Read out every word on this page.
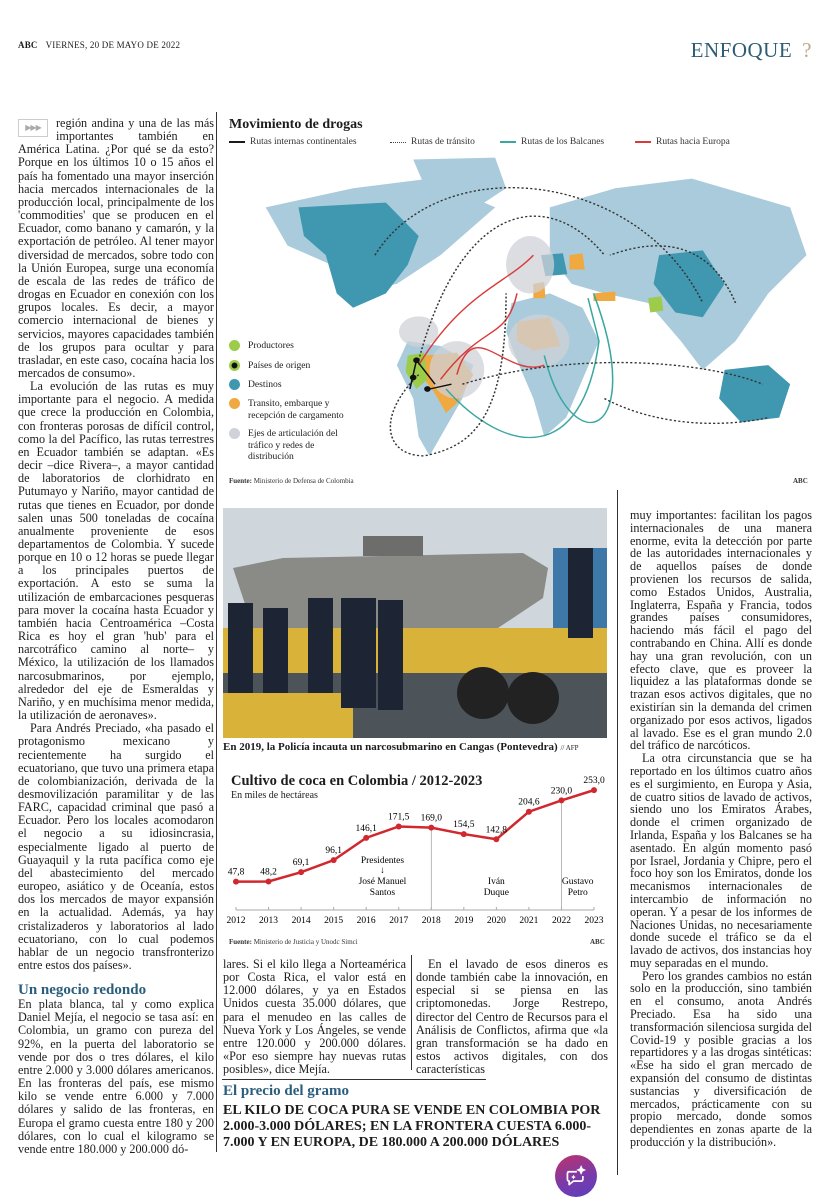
ABC VIERNES, 20 DE MAYO DE 2022	ENFOQUE ?

▶▶▶	región andina y una de las más importantes también en América Latina. ¿Por qué se da esto? Porque en los últimos 10 o 15 años el país ha fomentado una mayor inserción hacia mercados internacionales de la producción local, principalmente de los 'commodities' que se producen en el Ecuador, como banano y camarón, y la exportación de petróleo. Al tener mayor diversidad de mercados, sobre todo con la Unión Europea, surge una economía de escala de las redes de tráfico de drogas en Ecuador en conexión con los grupos locales. Es decir, a mayor comercio internacional de bienes y servicios, mayores capacidades también de los grupos para ocultar y para trasladar, en este caso, cocaína hacia los mercados de consumo».

La evolución de las rutas es muy importante para el negocio. A medida que crece la producción en Colombia, con fronteras porosas de difícil control, como la del Pacífico, las rutas terrestres en Ecuador también se adaptan. «Es decir –dice Rivera–, a mayor cantidad de laboratorios de clorhidrato en Putumayo y Nariño, mayor cantidad de rutas que tienes en Ecuador, por donde salen unas 500 toneladas de cocaína anualmente proveniente de esos departamentos de Colombia. Y sucede porque en 10 o 12 horas se puede llegar a los principales puertos de exportación. A esto se suma la utilización de embarcaciones pesqueras para mover la cocaína hasta Ecuador y también hacia Centroamérica –Costa Rica es hoy el gran 'hub' para el narcotráfico camino al norte– y México, la utilización de los llamados narcosubmarinos, por ejemplo, alrededor del eje de Esmeraldas y Nariño, y en muchísima menor medida, la utilización de aeronaves».

Para Andrés Preciado, «ha pasado el protagonismo mexicano y recientemente ha surgido el ecuatoriano, que tuvo una primera etapa de colombianización, derivada de la desmovilización paramilitar y de las FARC, capacidad criminal que pasó a Ecuador. Pero los locales acomodaron el negocio a su idiosincrasia, especialmente ligado al puerto de Guayaquil y la ruta pacífica como eje del abastecimiento del mercado europeo, asiático y de Oceanía, estos dos los mercados de mayor expansión en la actualidad. Además, ya hay cristalizaderos y laboratorios al lado ecuatoriano, con lo cual podemos hablar de un negocio transfronterizo entre estos dos países».

Un negocio redondo

En plata blanca, tal y como explica Daniel Mejía, el negocio se tasa así: en Colombia, un gramo con pureza del 92%, en la puerta del laboratorio se vende por dos o tres dólares, el kilo entre 2.000 y 3.000 dólares americanos. En las fronteras del país, ese mismo kilo se vende entre 6.000 y 7.000 dólares y salido de las fronteras, en Europa el gramo cuesta entre 180 y 200 dólares, con lo cual el kilogramo se vende entre 180.000 y 200.000 dó-

Movimiento de drogas
Rutas internas continentales	Rutas de tránsito	Rutas de los Balcanes	Rutas hacia Europa
Productores
Países de origen
Destinos
Transito, embarque y recepción de cargamento
Ejes de articulación del tráfico y redes de distribución
Fuente: Ministerio de Defensa de Colombia	ABC
En 2019, la Policía incauta un narcosubmarino en Cangas (Pontevedra) // AFP
Cultivo de coca en Colombia / 2012-2023
En miles de hectáreas
2012 2013 2014 2015 2016 2017 2018 2019 2020 2021 2022 2023
47,8 48,2
69,1
96,1
146,1
171,5 169,0
154,5
142,8
204,6
230,0
253,0
Presidentes
↓
José Manuel
Santos
Iván
Duque
Gustavo
Petro
Fuente: Ministerio de Justicia y Unodc Simci	ABC

lares. Si el kilo llega a Norteamérica por Costa Rica, el valor está en 12.000 dólares, y ya en Estados Unidos cuesta 35.000 dólares, que para el menudeo en las calles de Nueva York y Los Ángeles, se vende entre 120.000 y 200.000 dólares. «Por eso siempre hay nuevas rutas posibles», dice Mejía.

En el lavado de esos dineros es donde también cabe la innovación, en especial si se piensa en las criptomonedas. Jorge Restrepo, director del Centro de Recursos para el Análisis de Conflictos, afirma que «la gran transformación se ha dado en estos activos digitales, con dos características

El precio del gramo
EL KILO DE COCA PURA SE VENDE EN COLOMBIA POR 2.000-3.000 DÓLARES; EN LA FRONTERA CUESTA 6.000-7.000 Y EN EUROPA, DE 180.000 A 200.000 DÓLARES

muy importantes: facilitan los pagos internacionales de una manera enorme, evita la detección por parte de las autoridades internacionales y de aquellos países de donde provienen los recursos de salida, como Estados Unidos, Australia, Inglaterra, España y Francia, todos grandes países consumidores, haciendo más fácil el pago del contrabando en China. Allí es donde hay una gran revolución, con un efecto clave, que es proveer la liquidez a las plataformas donde se trazan esos activos digitales, que no existirían sin la demanda del crimen organizado por esos activos, ligados al lavado. Ese es el gran mundo 2.0 del tráfico de narcóticos.

La otra circunstancia que se ha reportado en los últimos cuatro años es el surgimiento, en Europa y Asia, de cuatro sitios de lavado de activos, siendo uno los Emiratos Árabes, donde el crimen organizado de Irlanda, España y los Balcanes se ha asentado. En algún momento pasó por Israel, Jordania y Chipre, pero el foco hoy son los Emiratos, donde los mecanismos internacionales de intercambio de información no operan. Y a pesar de los informes de Naciones Unidas, no necesariamente donde sucede el tráfico se da el lavado de activos, dos instancias hoy muy separadas en el mundo.

Pero los grandes cambios no están solo en la producción, sino también en el consumo, anota Andrés Preciado. Esa ha sido una transformación silenciosa surgida del Covid-19 y posible gracias a los repartidores y a las drogas sintéticas: «Ese ha sido el gran mercado de expansión del consumo de distintas sustancias y diversificación de mercados, prácticamente con su propio mercado, donde somos dependientes en zonas aparte de la producción y la distribución».
